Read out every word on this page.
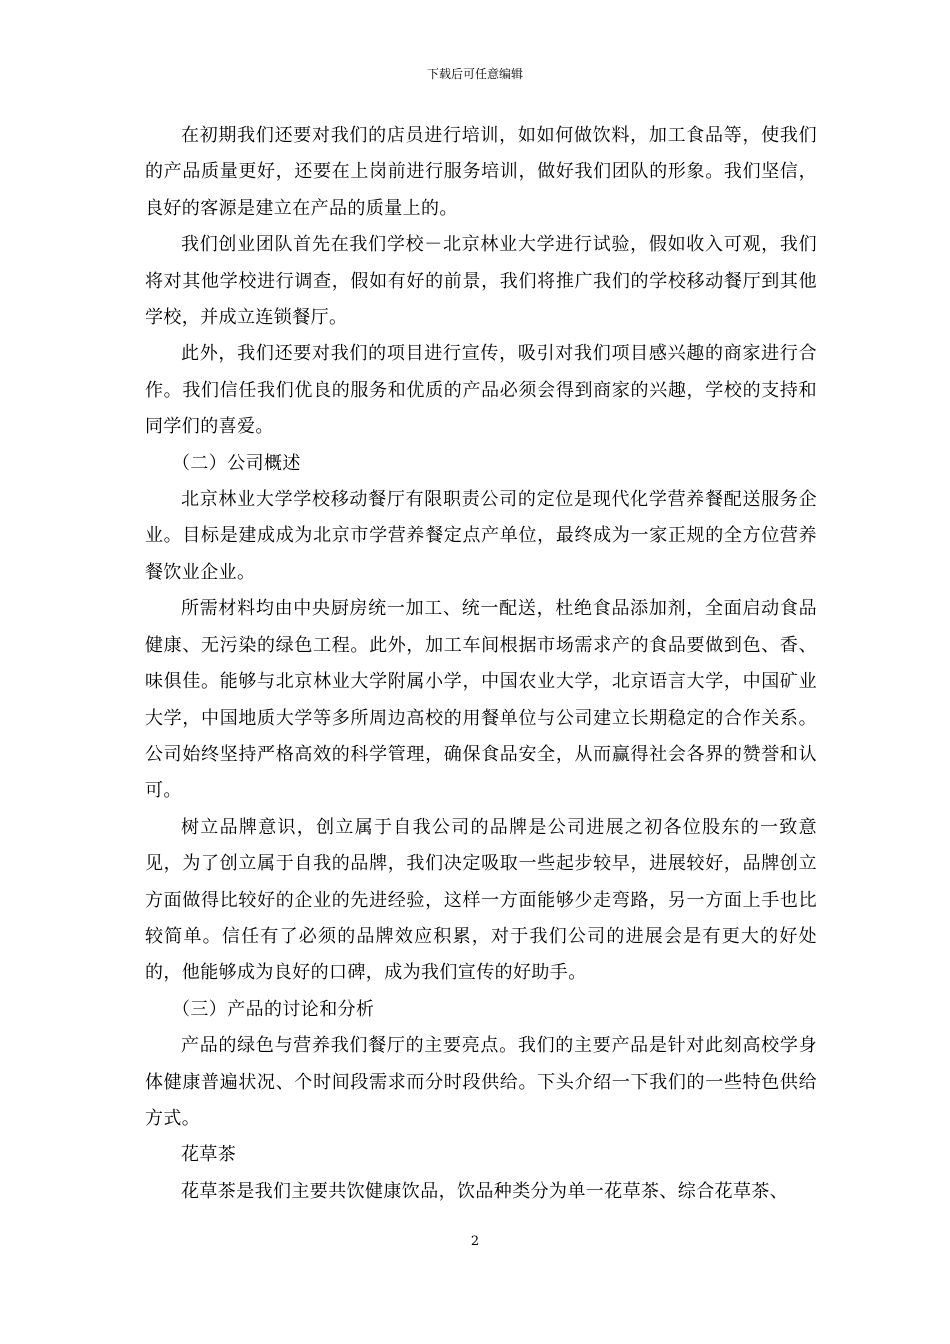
下载后可任意编辑

在初期我们还要对我们的店员进行培训，如如何做饮料，加工食品等，使我们的产品质量更好，还要在上岗前进行服务培训，做好我们团队的形象。我们坚信，良好的客源是建立在产品的质量上的。

我们创业团队首先在我们学校－北京林业大学进行试验，假如收入可观，我们将对其他学校进行调查，假如有好的前景，我们将推广我们的学校移动餐厅到其他学校，并成立连锁餐厅。

此外，我们还要对我们的项目进行宣传，吸引对我们项目感兴趣的商家进行合作。我们信任我们优良的服务和优质的产品必须会得到商家的兴趣，学校的支持和同学们的喜爱。

（二）公司概述

北京林业大学学校移动餐厅有限职责公司的定位是现代化学营养餐配送服务企业。目标是建成成为北京市学营养餐定点产单位，最终成为一家正规的全方位营养餐饮业企业。

所需材料均由中央厨房统一加工、统一配送，杜绝食品添加剂，全面启动食品健康、无污染的绿色工程。此外，加工车间根据市场需求产的食品要做到色、香、味俱佳。能够与北京林业大学附属小学，中国农业大学，北京语言大学，中国矿业大学，中国地质大学等多所周边高校的用餐单位与公司建立长期稳定的合作关系。公司始终坚持严格高效的科学管理，确保食品安全，从而赢得社会各界的赞誉和认可。

树立品牌意识，创立属于自我公司的品牌是公司进展之初各位股东的一致意见，为了创立属于自我的品牌，我们决定吸取一些起步较早，进展较好，品牌创立方面做得比较好的企业的先进经验，这样一方面能够少走弯路，另一方面上手也比较简单。信任有了必须的品牌效应积累，对于我们公司的进展会是有更大的好处的，他能够成为良好的口碑，成为我们宣传的好助手。

（三）产品的讨论和分析

产品的绿色与营养我们餐厅的主要亮点。我们的主要产品是针对此刻高校学身体健康普遍状况、个时间段需求而分时段供给。下头介绍一下我们的一些特色供给方式。

花草茶

花草茶是我们主要共饮健康饮品，饮品种类分为单一花草茶、综合花草茶、

2
